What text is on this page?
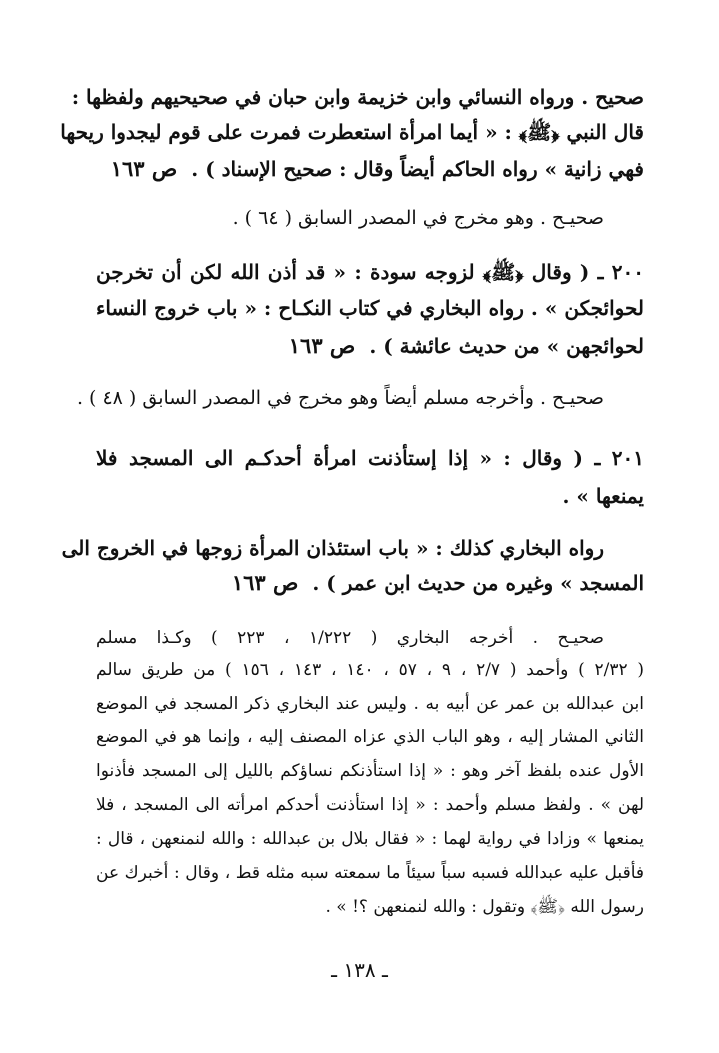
صحيح . ورواه النسائي وابن خزيمة وابن حبان في صحيحيهم ولفظها :
قال النبي ﴿ﷺ﴾ : « أيما امرأة استعطرت فمرت على قوم ليجدوا ريحها
فهي زانية » رواه الحاكم أيضاً وقال : صحيح الإسناد ) .ص ١٦٣
صحيـح . وهو مخرج في المصدر السابق ( ٦٤ ) .
٢٠٠ ـ ( وقال ﴿ﷺ﴾ لزوجه سودة : « قد أذن الله لكن أن تخرجن
لحوائجكن » . رواه البخاري في كتاب النكـاح : « باب خروج النساء
لحوائجهن » من حديث عائشة ) .ص ١٦٣
صحيـح . وأخرجه مسلم أيضاً وهو مخرج في المصدر السابق ( ٤٨ ) .
٢٠١ ـ ( وقال : « إذا إستأذنت امرأة أحدكـم الى المسجد فلا
يمنعها » .
رواه البخاري كذلك : « باب استئذان المرأة زوجها في الخروج الى
المسجد » وغيره من حديث ابن عمر ) .ص ١٦٣
صحيـح . أخرجه البخاري ( ١/٢٢٢ ، ٢٢٣ ) وكـذا مسلم
( ٢/٣٢ ) وأحمد ( ٢/٧ ، ٩ ، ٥٧ ، ١٤٠ ، ١٤٣ ، ١٥٦ ) من طريق سالم
ابن عبدالله بن عمر عن أبيه به . وليس عند البخاري ذكر المسجد في الموضع
الثاني المشار إليه ، وهو الباب الذي عزاه المصنف إليه ، وإنما هو في الموضع
الأول عنده بلفظ آخر وهو : « إذا استأذنكم نساؤكم بالليل إلى المسجد فأذنوا
لهن » . ولفظ مسلم وأحمد : « إذا استأذنت أحدكم امرأته الى المسجد ، فلا
يمنعها » وزادا في رواية لهما : « فقال بلال بن عبدالله : والله لنمنعهن ، قال :
فأقبل عليه عبدالله فسبه سباً سيئاً ما سمعته سبه مثله قط ، وقال : أخبرك عن
رسول الله ﴿ﷺ﴾ وتقول : والله لنمنعهن ؟! » .
ـ ١٣٨ ـ
